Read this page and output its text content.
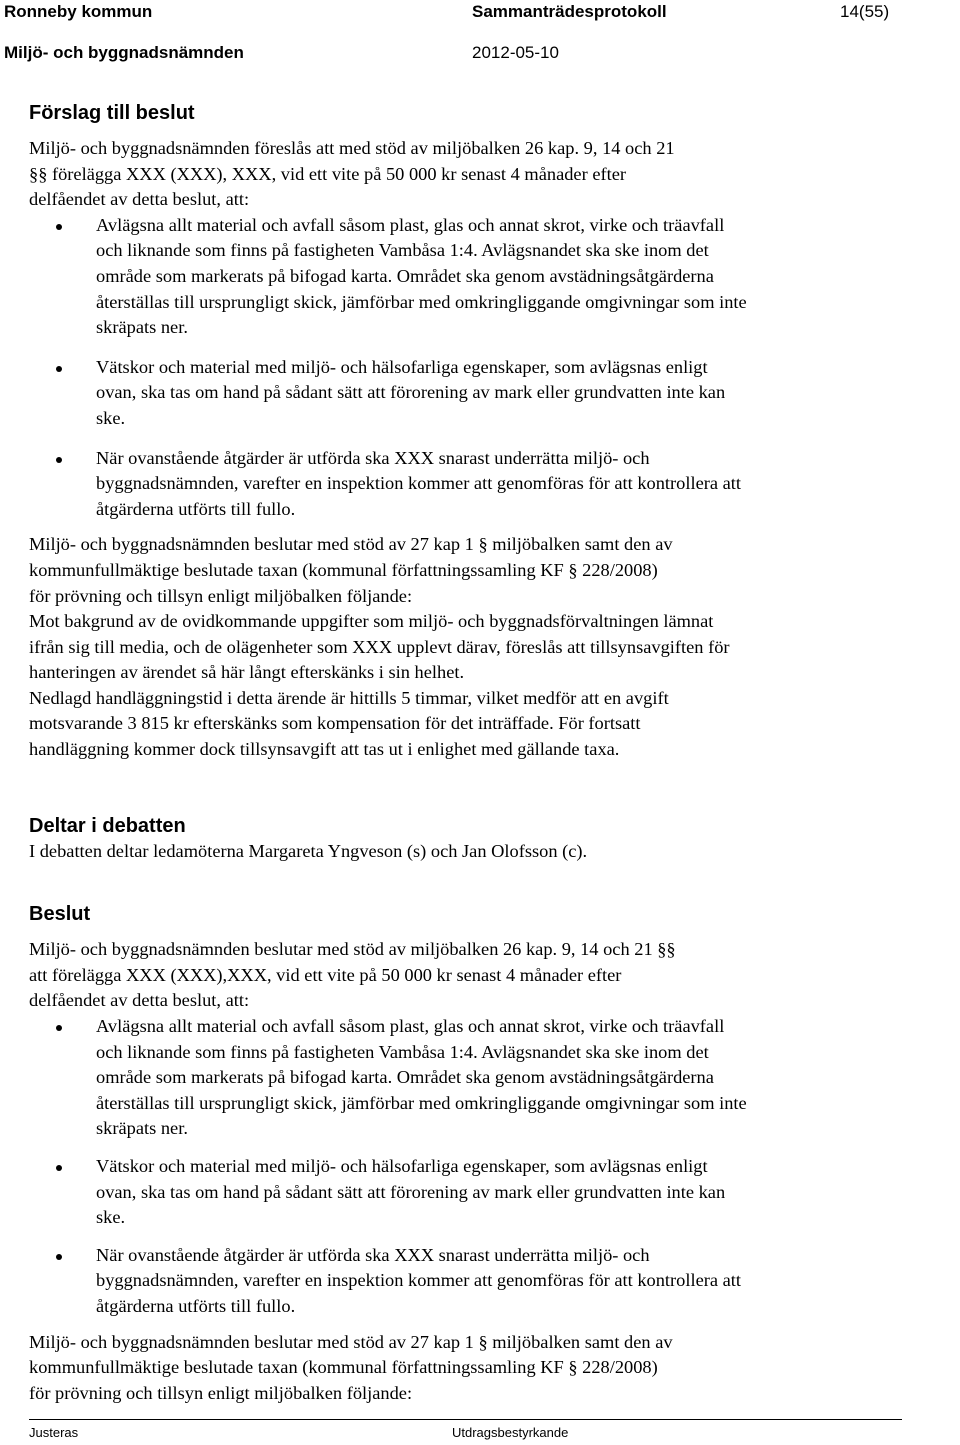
Ronneby kommun	Sammanträdesprotokoll	14(55)
Miljö- och byggnadsnämnden	2012-05-10
Förslag till beslut

Miljö- och byggnadsnämnden föreslås att med stöd av miljöbalken 26 kap. 9, 14 och 21

§§ förelägga XXX (XXX), XXX, vid ett vite på 50 000 kr senast 4 månader efter

delfåendet av detta beslut, att:

Avlägsna allt material och avfall såsom plast, glas och annat skrot, virke och träavfall

och liknande som finns på fastigheten Vambåsa 1:4. Avlägsnandet ska ske inom det

område som markerats på bifogad karta. Området ska genom avstädningsåtgärderna

återställas till ursprungligt skick, jämförbar med omkringliggande omgivningar som inte

skräpats ner.

Vätskor och material med miljö- och hälsofarliga egenskaper, som avlägsnas enligt

ovan, ska tas om hand på sådant sätt att förorening av mark eller grundvatten inte kan

ske.

När ovanstående åtgärder är utförda ska XXX snarast underrätta miljö- och

byggnadsnämnden, varefter en inspektion kommer att genomföras för att kontrollera att

åtgärderna utförts till fullo.

Miljö- och byggnadsnämnden beslutar med stöd av 27 kap 1 § miljöbalken samt den av

kommunfullmäktige beslutade taxan (kommunal författningssamling KF § 228/2008)

för prövning och tillsyn enligt miljöbalken följande:

Mot bakgrund av de ovidkommande uppgifter som miljö- och byggnadsförvaltningen lämnat

ifrån sig till media, och de olägenheter som XXX upplevt därav, föreslås att tillsynsavgiften för

hanteringen av ärendet så här långt efterskänks i sin helhet.

Nedlagd handläggningstid i detta ärende är hittills 5 timmar, vilket medför att en avgift

motsvarande 3 815 kr efterskänks som kompensation för det inträffade. För fortsatt

handläggning kommer dock tillsynsavgift att tas ut i enlighet med gällande taxa.

Deltar i debatten

I debatten deltar ledamöterna Margareta Yngveson (s) och Jan Olofsson (c).

Beslut

Miljö- och byggnadsnämnden beslutar med stöd av miljöbalken 26 kap. 9, 14 och 21 §§

att förelägga XXX (XXX),XXX, vid ett vite på 50 000 kr senast 4 månader efter

delfåendet av detta beslut, att:

Avlägsna allt material och avfall såsom plast, glas och annat skrot, virke och träavfall

och liknande som finns på fastigheten Vambåsa 1:4. Avlägsnandet ska ske inom det

område som markerats på bifogad karta. Området ska genom avstädningsåtgärderna

återställas till ursprungligt skick, jämförbar med omkringliggande omgivningar som inte

skräpats ner.

Vätskor och material med miljö- och hälsofarliga egenskaper, som avlägsnas enligt

ovan, ska tas om hand på sådant sätt att förorening av mark eller grundvatten inte kan

ske.

När ovanstående åtgärder är utförda ska XXX snarast underrätta miljö- och

byggnadsnämnden, varefter en inspektion kommer att genomföras för att kontrollera att

åtgärderna utförts till fullo.

Miljö- och byggnadsnämnden beslutar med stöd av 27 kap 1 § miljöbalken samt den av

kommunfullmäktige beslutade taxan (kommunal författningssamling KF § 228/2008)

för prövning och tillsyn enligt miljöbalken följande:

Justeras	Utdragsbestyrkande
